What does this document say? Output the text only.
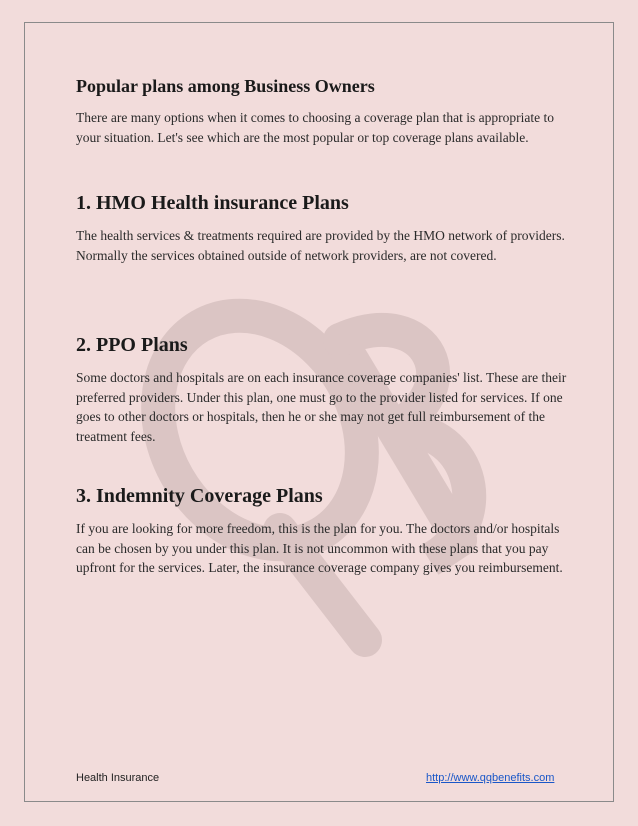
Popular plans among Business Owners

There are many options when it comes to choosing a coverage plan that is appropriate to your situation. Let's see which are the most popular or top coverage plans available.

1. HMO Health insurance Plans

The health services & treatments required are provided by the HMO network of providers. Normally the services obtained outside of network providers, are not covered.

2. PPO Plans

Some doctors and hospitals are on each insurance coverage companies' list. These are their preferred providers. Under this plan, one must go to the provider listed for services. If one goes to other doctors or hospitals, then he or she may not get full reimbursement of the treatment fees.

3. Indemnity Coverage Plans

If you are looking for more freedom, this is the plan for you. The doctors and/or hospitals can be chosen by you under this plan. It is not uncommon with these plans that you pay upfront for the services. Later, the insurance coverage company gives you reimbursement.

Health Insurance	http://www.qqbenefits.com
